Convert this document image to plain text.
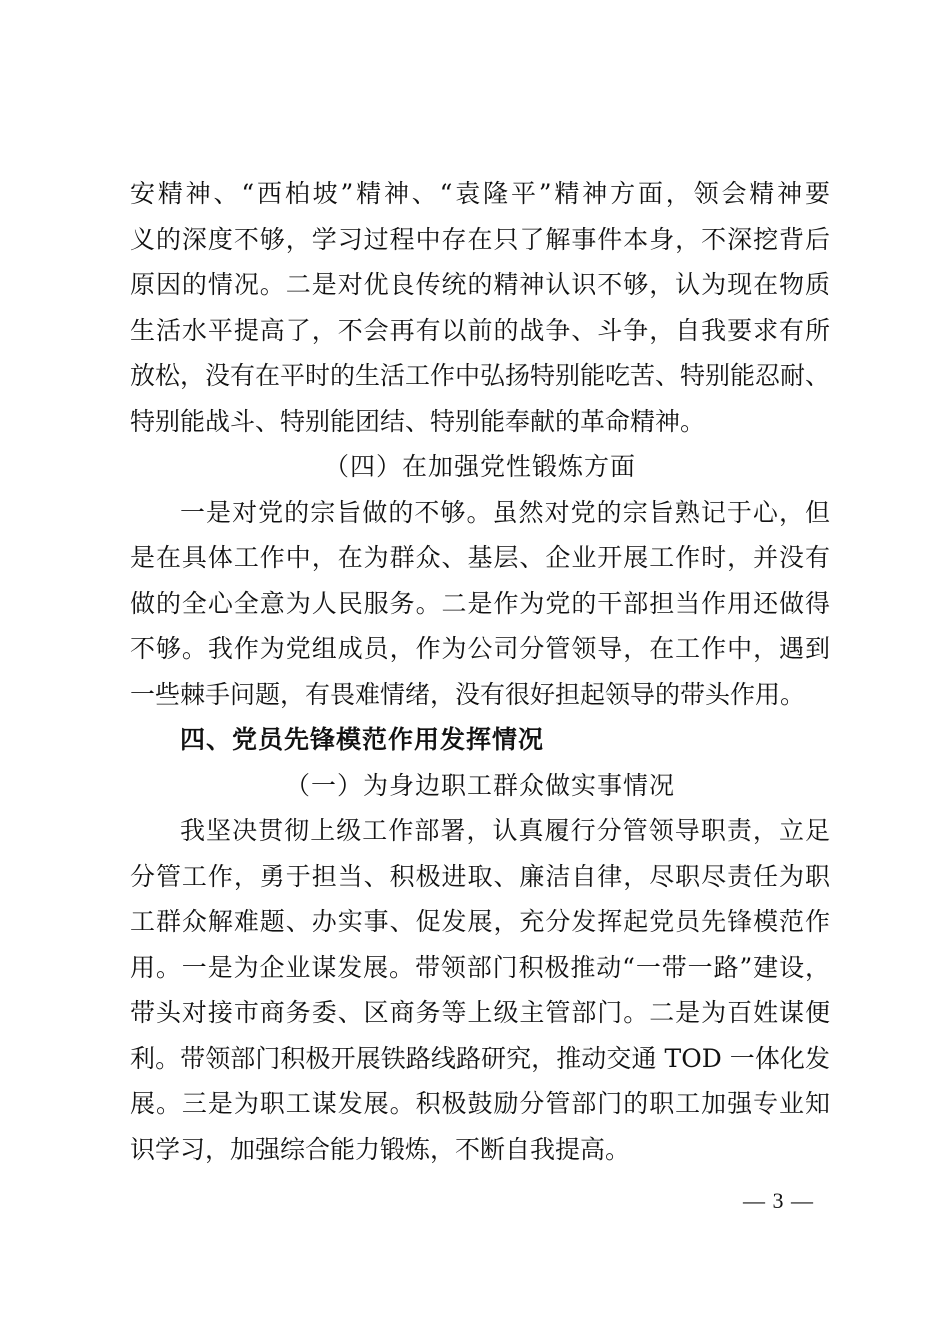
安精神、“西柏坡”精神、“袁隆平”精神方面，领会精神要
义的深度不够，学习过程中存在只了解事件本身，不深挖背后
原因的情况。二是对优良传统的精神认识不够，认为现在物质
生活水平提高了，不会再有以前的战争、斗争，自我要求有所
放松，没有在平时的生活工作中弘扬特别能吃苦、特别能忍耐、
特别能战斗、特别能团结、特别能奉献的革命精神。
（四）在加强党性锻炼方面
一是对党的宗旨做的不够。虽然对党的宗旨熟记于心，但
是在具体工作中，在为群众、基层、企业开展工作时，并没有
做的全心全意为人民服务。二是作为党的干部担当作用还做得
不够。我作为党组成员，作为公司分管领导，在工作中，遇到
一些棘手问题，有畏难情绪，没有很好担起领导的带头作用。
四、党员先锋模范作用发挥情况
（一）为身边职工群众做实事情况
我坚决贯彻上级工作部署，认真履行分管领导职责，立足
分管工作，勇于担当、积极进取、廉洁自律，尽职尽责任为职
工群众解难题、办实事、促发展，充分发挥起党员先锋模范作
用。一是为企业谋发展。带领部门积极推动“一带一路”建设，
带头对接市商务委、区商务等上级主管部门。二是为百姓谋便
利。带领部门积极开展铁路线路研究，推动交通 TOD 一体化发
展。三是为职工谋发展。积极鼓励分管部门的职工加强专业知
识学习，加强综合能力锻炼，不断自我提高。
— 3 —
